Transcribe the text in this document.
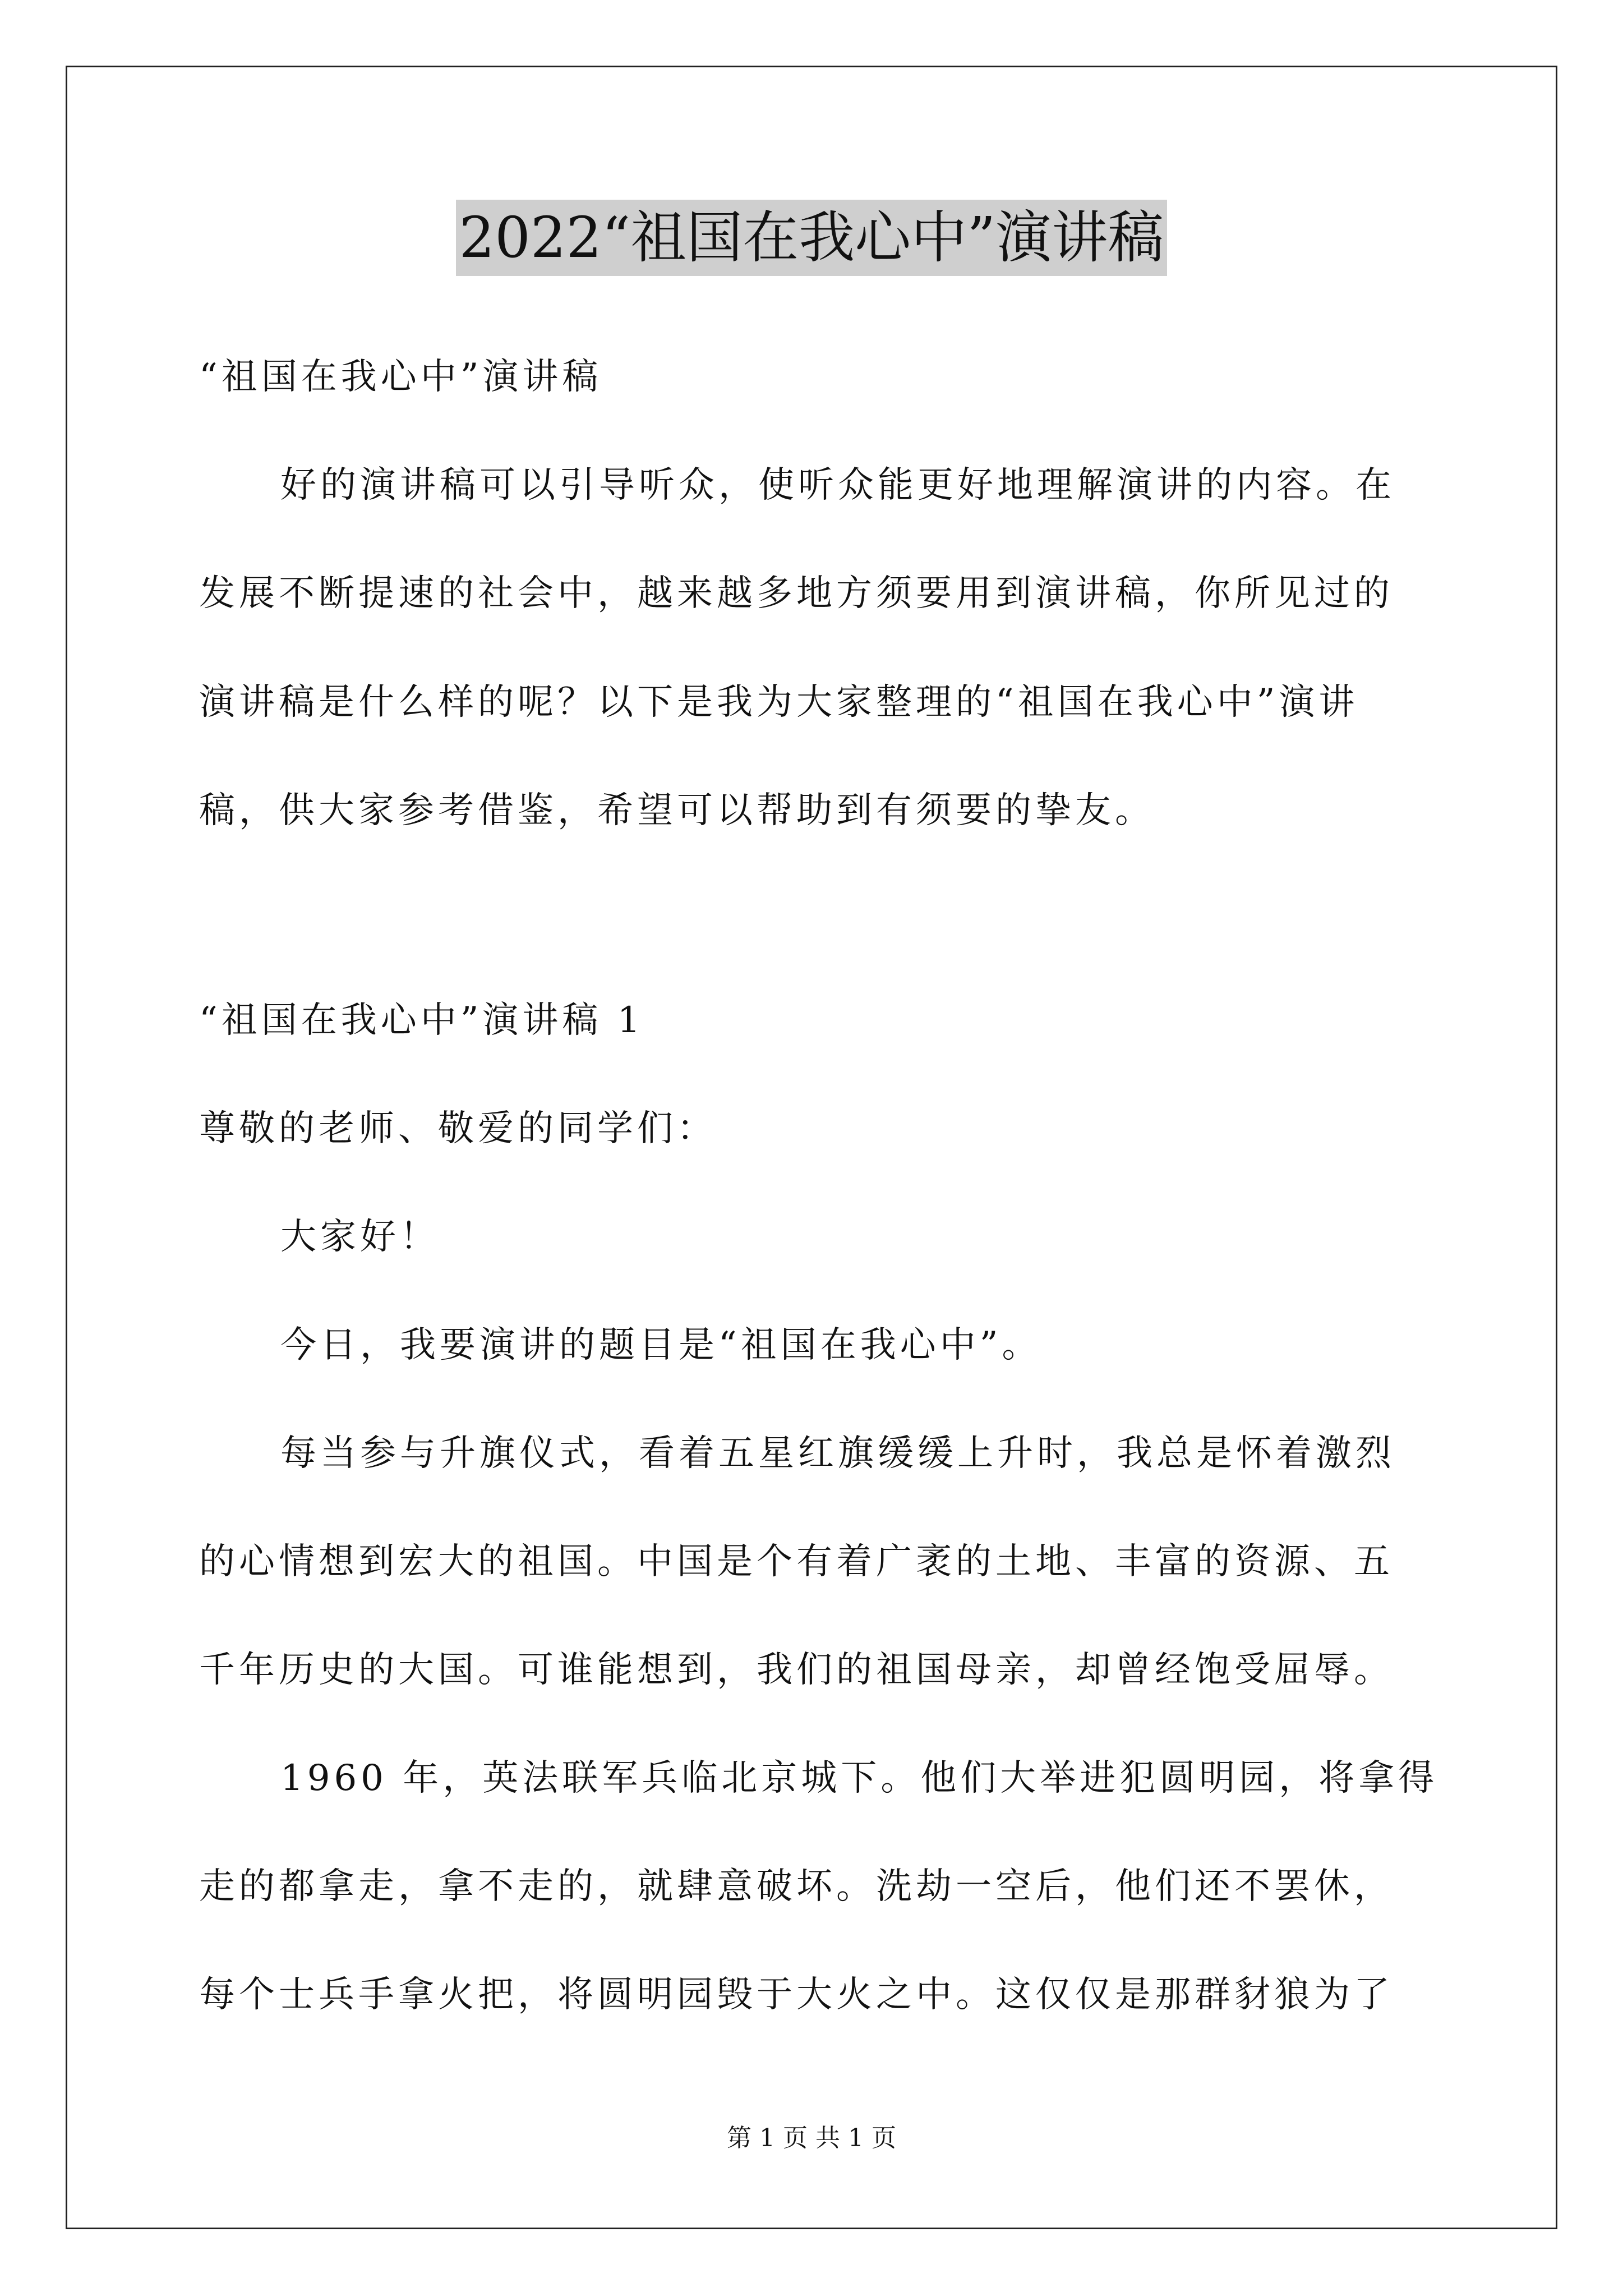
2022“祖国在我心中”演讲稿
“祖国在我心中”演讲稿
好的演讲稿可以引导听众，使听众能更好地理解演讲的内容。在
发展不断提速的社会中，越来越多地方须要用到演讲稿，你所见过的
演讲稿是什么样的呢？以下是我为大家整理的“祖国在我心中”演讲
稿，供大家参考借鉴，希望可以帮助到有须要的挚友。
“祖国在我心中”演讲稿 1
尊敬的老师、敬爱的同学们：
大家好！
今日，我要演讲的题目是“祖国在我心中”。
每当参与升旗仪式，看着五星红旗缓缓上升时，我总是怀着激烈
的心情想到宏大的祖国。中国是个有着广袤的土地、丰富的资源、五
千年历史的大国。可谁能想到，我们的祖国母亲，却曾经饱受屈辱。
1960 年，英法联军兵临北京城下。他们大举进犯圆明园，将拿得
走的都拿走，拿不走的，就肆意破坏。洗劫一空后，他们还不罢休，
每个士兵手拿火把，将圆明园毁于大火之中。这仅仅是那群豺狼为了
第 1 页 共 1 页
